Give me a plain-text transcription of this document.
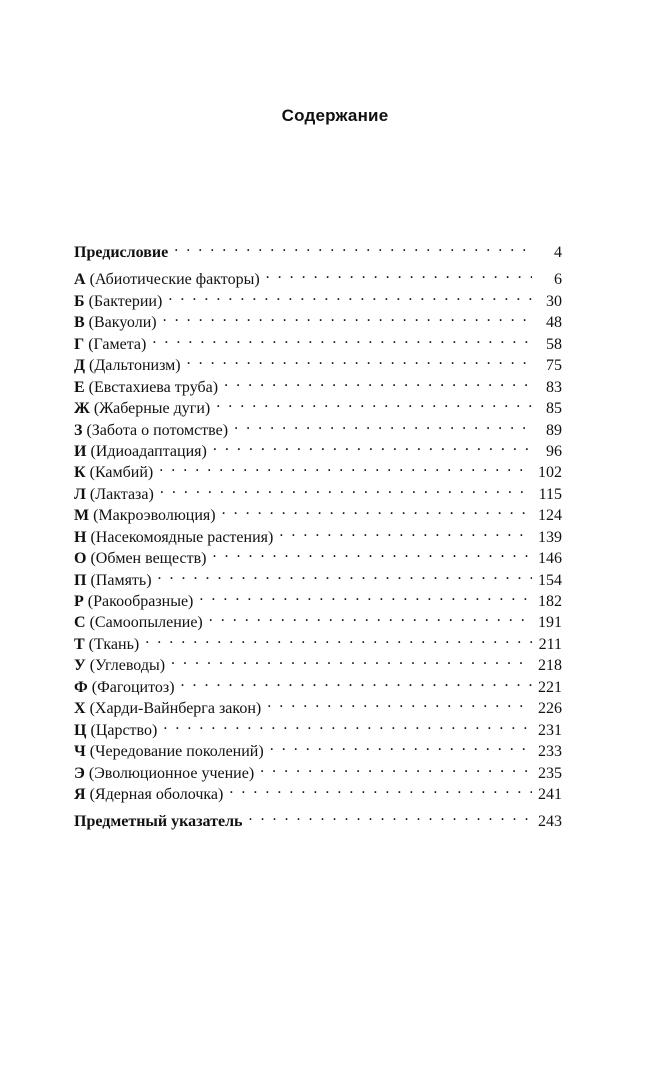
Содержание
Предисловие . . .	4
А (Абиотические факторы) . . .	6
Б (Бактерии) . . .	30
В (Вакуоли) . . .	48
Г (Гамета) . . .	58
Д (Дальтонизм) . . .	75
Е (Евстахиева труба) . . .	83
Ж (Жаберные дуги) . . .	85
З (Забота о потомстве) . . .	89
И (Идиоадаптация) . . .	96
К (Камбий) . . .	102
Л (Лактаза) . . .	115
М (Макроэволюция) . . .	124
Н (Насекомоядные растения) . . .	139
О (Обмен веществ) . . .	146
П (Память) . . .	154
Р (Ракообразные) . . .	182
С (Самоопыление) . . .	191
Т (Ткань) . . .	211
У (Углеводы) . . .	218
Ф (Фагоцитоз) . . .	221
Х (Харди-Вайнберга закон) . . .	226
Ц (Царство) . . .	231
Ч (Чередование поколений) . . .	233
Э (Эволюционное учение) . . .	235
Я (Ядерная оболочка) . . .	241
Предметный указатель . . .	243
